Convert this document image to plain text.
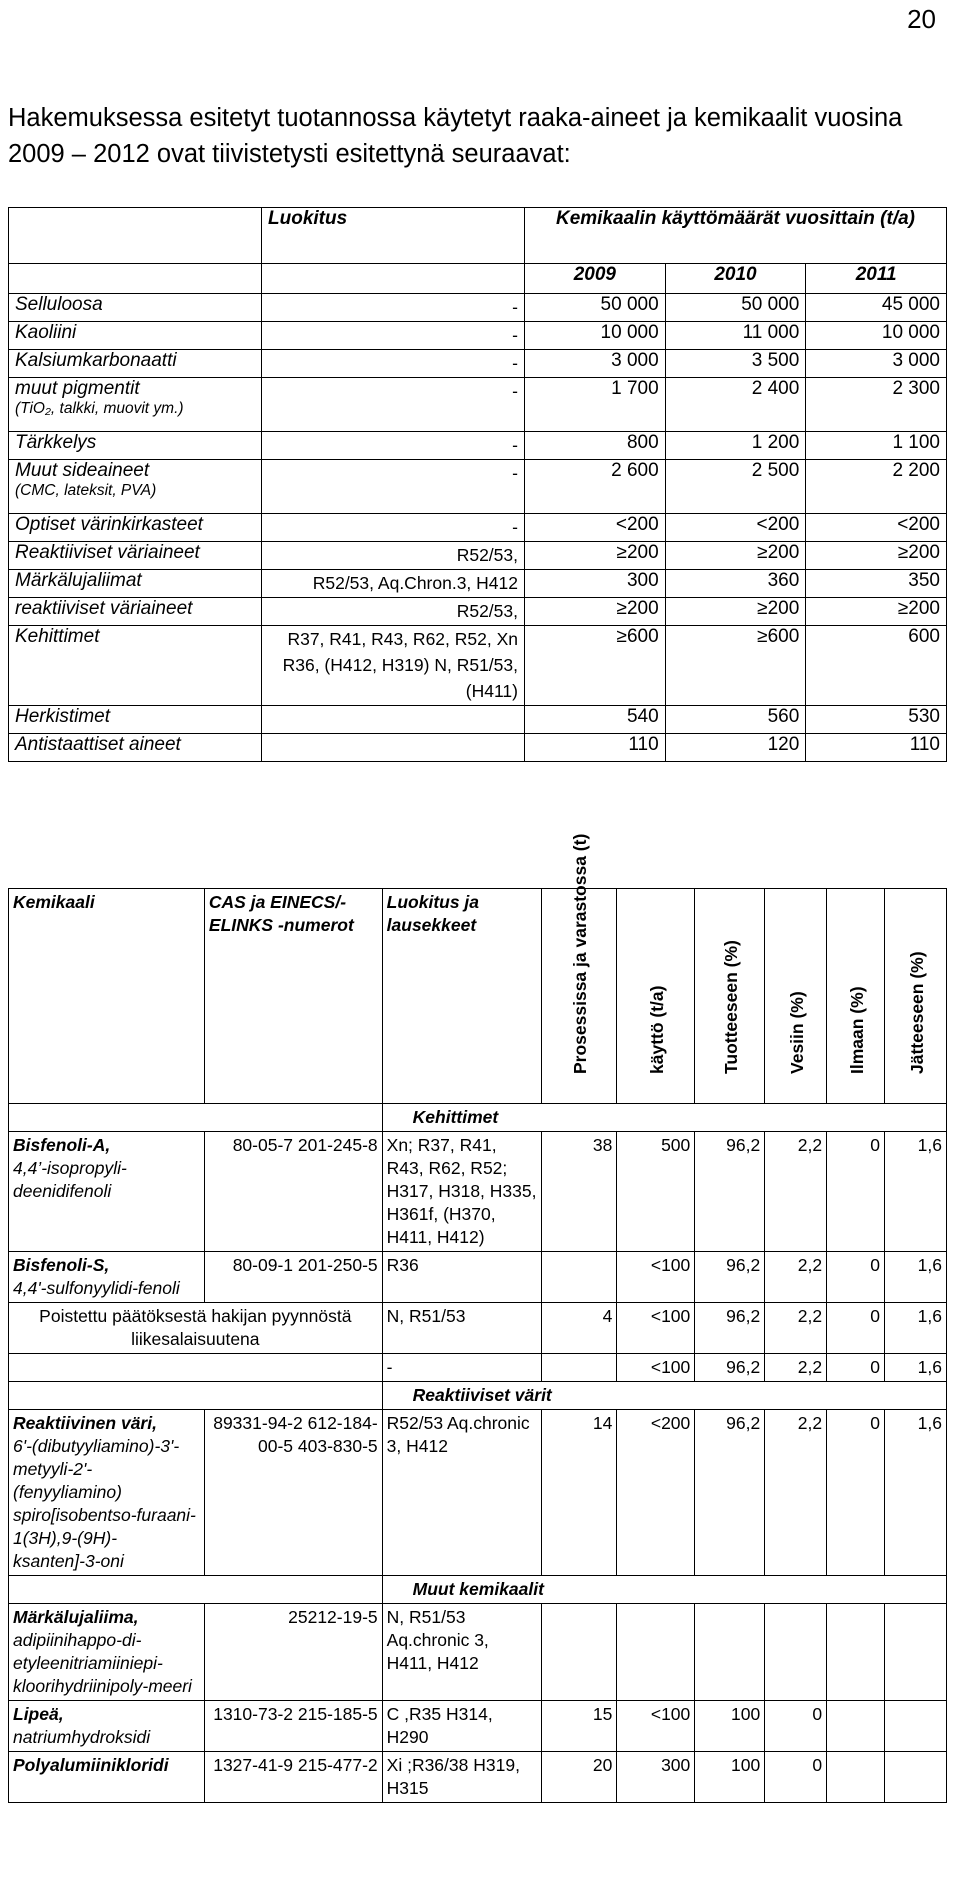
20
Hakemuksessa esitetyt tuotannossa käytetyt raaka-aineet ja kemikaalit vuosina 2009 – 2012 ovat tiivistetysti esitettynä seuraavat:
	Luokitus	Kemikaalin käyttömäärät vuosittain (t/a)		
		2009	2010	2011
Selluloosa	-	50 000	50 000	45 000
Kaoliini	-	10 000	11 000	10 000
Kalsiumkarbonaatti	-	3 000	3 500	3 000
muut pigmentit
(TiO₂, talkki, muovit ym.)	-	1 700	2 400	2 300
Tärkkelys	-	800	1 200	1 100
Muut sideaineet
(CMC, lateksit, PVA)	-	2 600	2 500	2 200
Optiset värinkirkasteet	-	<200	<200	<200
Reaktiiviset väriaineet	R52/53,	≥200	≥200	≥200
Märkälujaliimat	R52/53, Aq.Chron.3, H412	300	360	350
reaktiiviset väriaineet	R52/53,	≥200	≥200	≥200
Kehittimet	R37, R41, R43, R62, R52, Xn R36, (H412, H319) N, R51/53, (H411)	≥600	≥600	600
Herkistimet		540	560	530
Antistaattiset aineet		110	120	110
Kemikaali	CAS ja EINECS/- ELINKS -numerot	Luokitus ja lausekkeet	Prosessissa ja varastossa (t)	käyttö (t/a)	Tuotteeseen (%)	Vesiin (%)	Ilmaan (%)	Jätteeseen (%)

		Kehittimet						
Bisfenoli-A,
4,4’-isopropyli-deenidifenoli	80-05-7 201-245-8	Xn; R37, R41, R43, R62, R52; H317, H318, H335, H361f, (H370, H411, H412)	38	500	96,2	2,2	0	1,6
Bisfenoli-S,
4,4'-sulfonyylidi-fenoli	80-09-1 201-250-5	R36		<100	96,2	2,2	0	1,6
Poistettu päätöksestä hakijan pyynnöstä liikesalaisuutena		N, R51/53	4	<100	96,2	2,2	0	1,6
		-		<100	96,2	2,2	0	1,6
		Reaktiiviset värit						
Reaktiivinen väri,
6'-(dibutyyliamino)-3'-metyyli-2'-(fenyyliamino) spiro[isobentso-furaani-1(3H),9-(9H)-ksanten]-3-oni	89331-94-2 612-184-00-5 403-830-5	R52/53 Aq.chronic 3, H412	14	<200	96,2	2,2	0	1,6
		Muut kemikaalit						
Märkälujaliima,
adipiinihappo-di-etyleenitriamiiniepi-kloorihydriinipoly-meeri	25212-19-5	N, R51/53 Aq.chronic 3, H411, H412						
Lipeä,
natriumhydroksidi	1310-73-2 215-185-5	C ,R35 H314, H290	15	<100	100	0		
Polyalumiinikloridi	1327-41-9 215-477-2	Xi ;R36/38 H319, H315	20	300	100	0		
